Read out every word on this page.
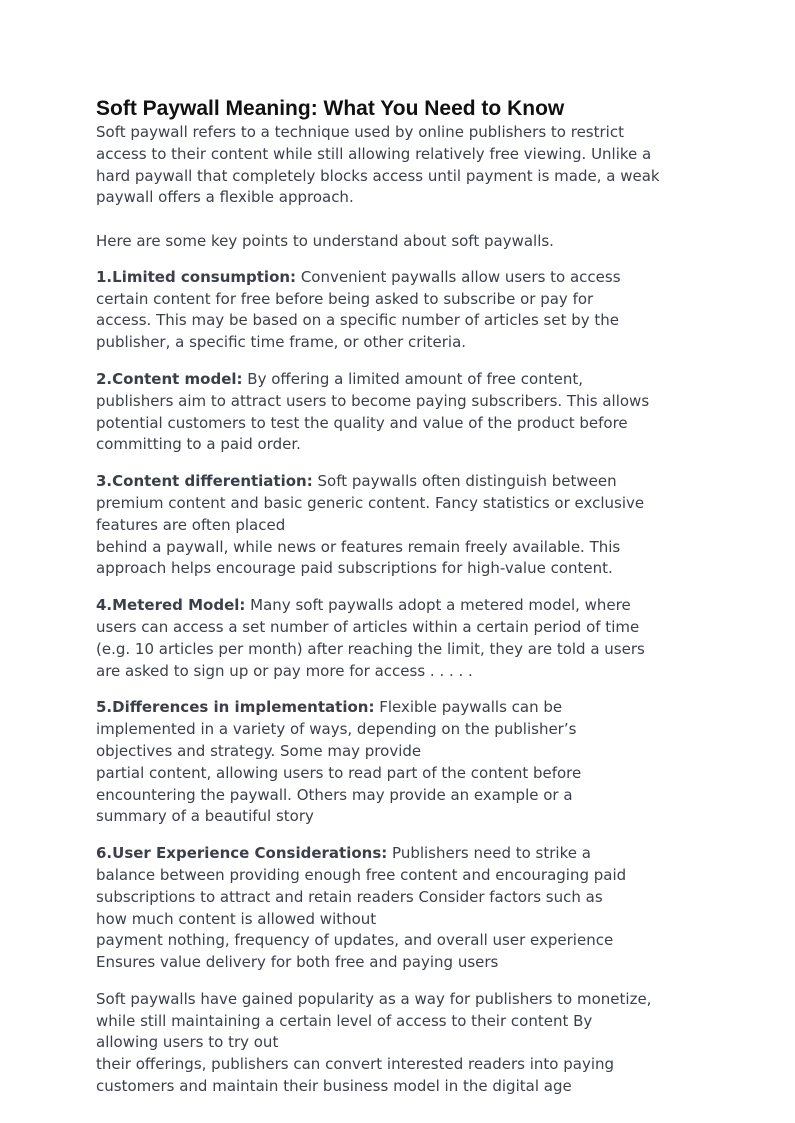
Soft Paywall Meaning: What You Need to Know

Soft paywall refers to a technique used by online publishers to restrict
access to their content while still allowing relatively free viewing. Unlike a
hard paywall that completely blocks access until payment is made, a weak
paywall offers a flexible approach.

Here are some key points to understand about soft paywalls.

1.Limited consumption: Convenient paywalls allow users to access
certain content for free before being asked to subscribe or pay for
access. This may be based on a specific number of articles set by the
publisher, a specific time frame, or other criteria.
2.Content model: By offering a limited amount of free content,
publishers aim to attract users to become paying subscribers. This allows
potential customers to test the quality and value of the product before
committing to a paid order.
3.Content differentiation: Soft paywalls often distinguish between
premium content and basic generic content. Fancy statistics or exclusive
features are often placed
behind a paywall, while news or features remain freely available. This
approach helps encourage paid subscriptions for high-value content.
4.Metered Model: Many soft paywalls adopt a metered model, where
users can access a set number of articles within a certain period of time
(e.g. 10 articles per month) after reaching the limit, they are told a users
are asked to sign up or pay more for access . . . . .
5.Differences in implementation: Flexible paywalls can be
implemented in a variety of ways, depending on the publisher’s
objectives and strategy. Some may provide
partial content, allowing users to read part of the content before
encountering the paywall. Others may provide an example or a
summary of a beautiful story
6.User Experience Considerations: Publishers need to strike a
balance between providing enough free content and encouraging paid
subscriptions to attract and retain readers Consider factors such as
how much content is allowed without
payment nothing, frequency of updates, and overall user experience
Ensures value delivery for both free and paying users

Soft paywalls have gained popularity as a way for publishers to monetize,
while still maintaining a certain level of access to their content By
allowing users to try out
their offerings, publishers can convert interested readers into paying
customers and maintain their business model in the digital age
